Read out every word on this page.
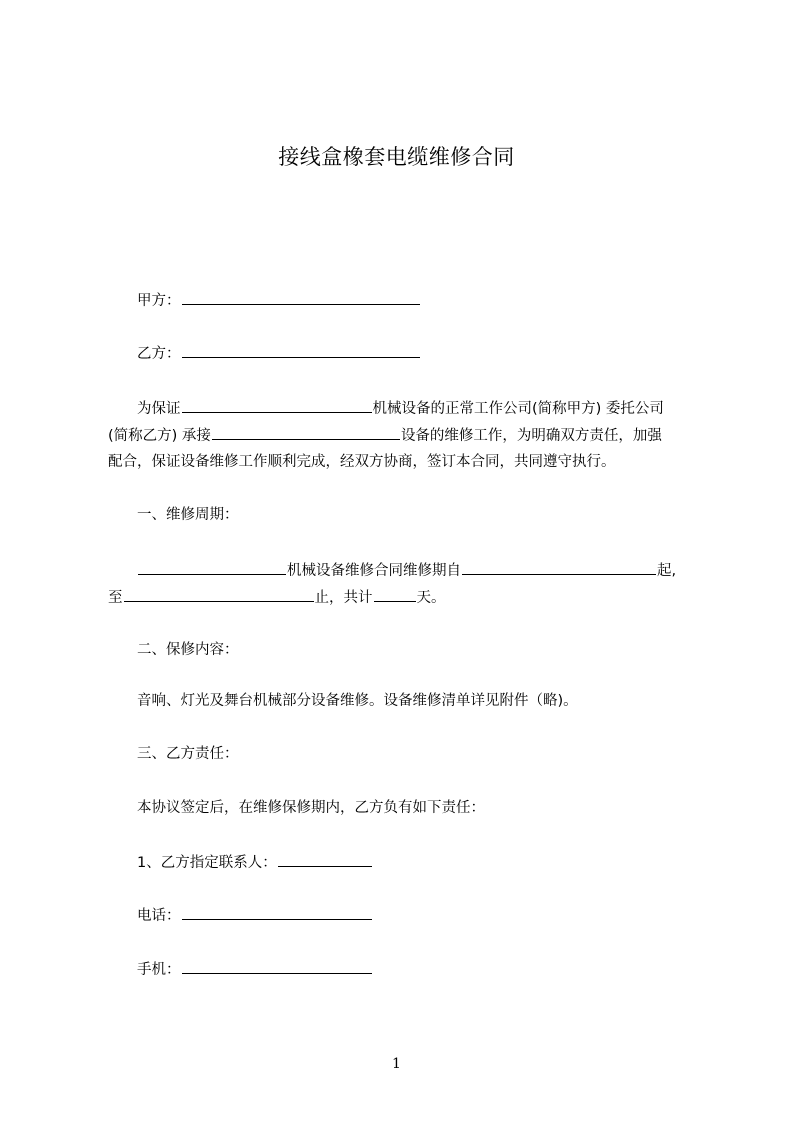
接线盒橡套电缆维修合同
甲方：
乙方：
为保证	机械设备的正常工作公司(简称甲方) 委托公司
(简称乙方) 承接	设备的维修工作，为明确双方责任，加强
配合，保证设备维修工作顺利完成，经双方协商，签订本合同，共同遵守执行。
一、维修周期：
机械设备维修合同维修期自	起,
至	止，共计	天。
二、保修内容：
音响、灯光及舞台机械部分设备维修。设备维修清单详见附件（略)。
三、乙方责任：
本协议签定后，在维修保修期内，乙方负有如下责任：
1、乙方指定联系人：
电话：
手机：
1
